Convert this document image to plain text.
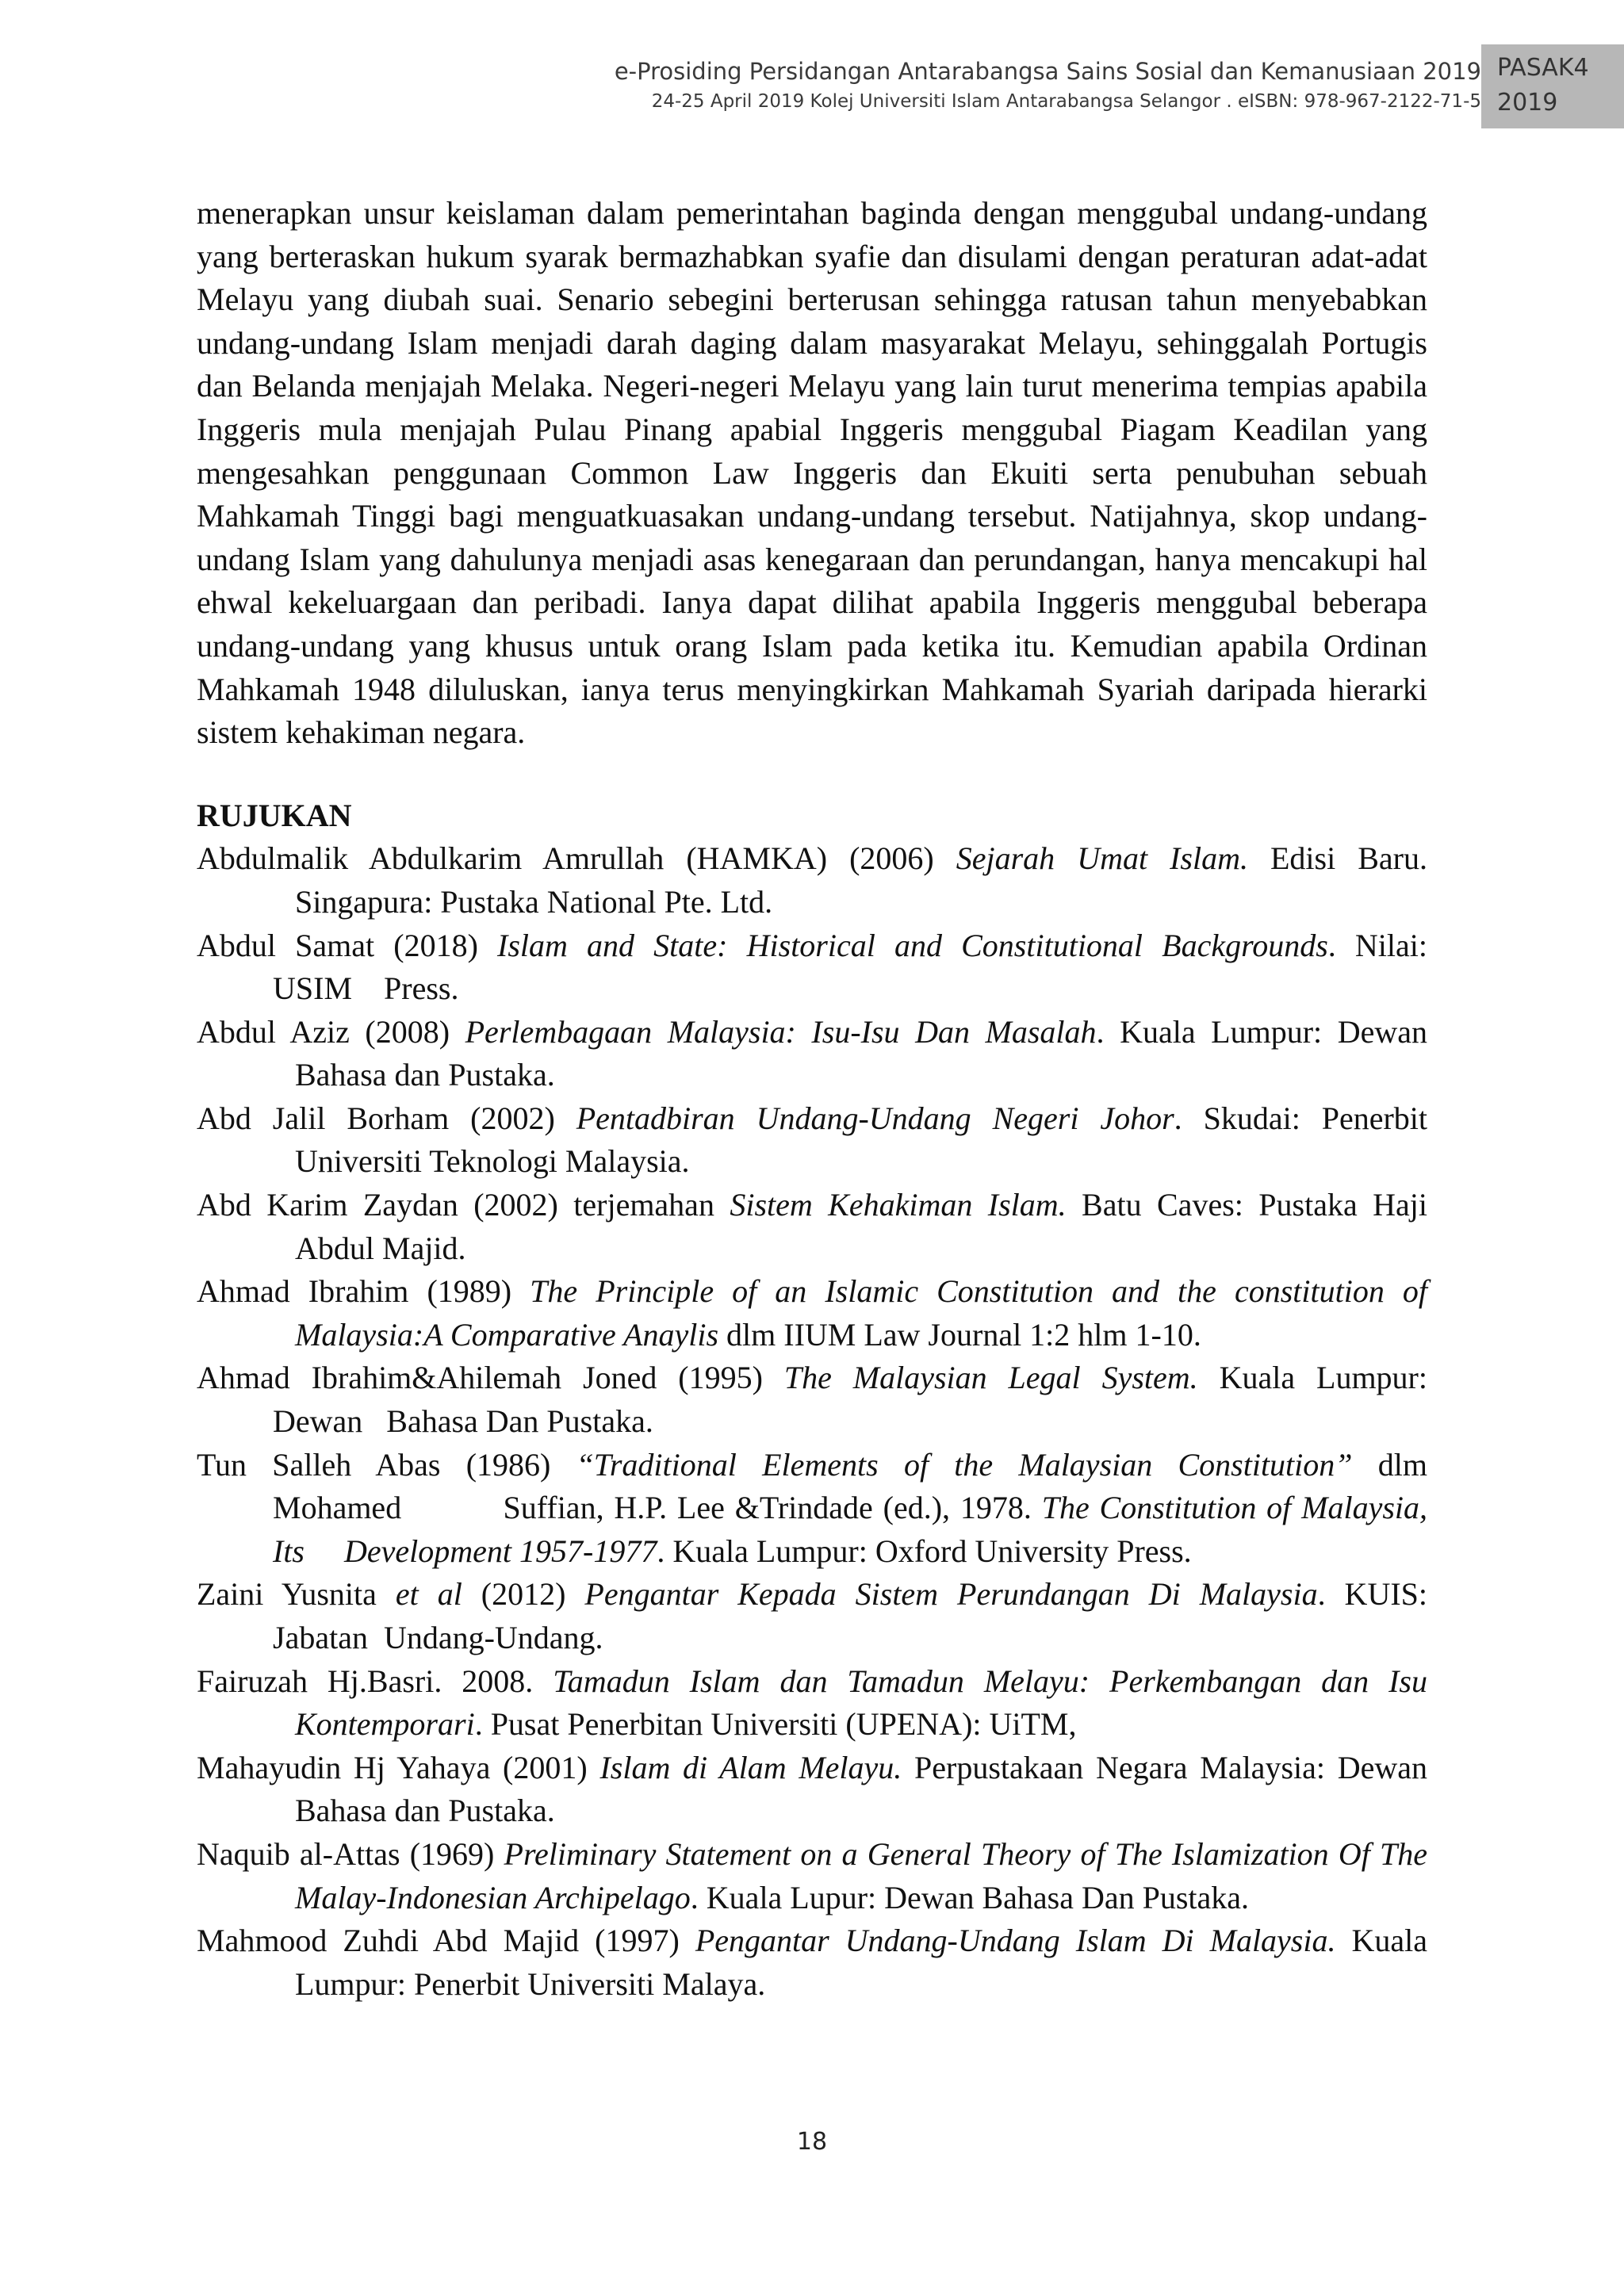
e-Prosiding Persidangan Antarabangsa Sains Sosial dan Kemanusiaan 2019
24-25 April 2019 Kolej Universiti Islam Antarabangsa Selangor . eISBN: 978-967-2122-71-5
PASAK4
2019

menerapkan unsur keislaman dalam pemerintahan baginda dengan menggubal undang-undang yang berteraskan hukum syarak bermazhabkan syafie dan disulami dengan peraturan adat-adat Melayu yang diubah suai. Senario sebegini berterusan sehingga ratusan tahun menyebabkan undang-undang Islam menjadi darah daging dalam masyarakat Melayu, sehinggalah Portugis dan Belanda menjajah Melaka. Negeri-negeri Melayu yang lain turut menerima tempias apabila Inggeris mula menjajah Pulau Pinang apabial Inggeris menggubal Piagam Keadilan yang mengesahkan penggunaan Common Law Inggeris dan Ekuiti serta penubuhan sebuah Mahkamah Tinggi bagi menguatkuasakan undang-undang tersebut. Natijahnya, skop undang-undang Islam yang dahulunya menjadi asas kenegaraan dan perundangan, hanya mencakupi hal ehwal kekeluargaan dan peribadi. Ianya dapat dilihat apabila Inggeris menggubal beberapa undang-undang yang khusus untuk orang Islam pada ketika itu. Kemudian apabila Ordinan Mahkamah 1948 diluluskan, ianya terus menyingkirkan Mahkamah Syariah daripada hierarki sistem kehakiman negara.

RUJUKAN
Abdulmalik Abdulkarim Amrullah (HAMKA) (2006) Sejarah Umat Islam. Edisi Baru. Singapura: Pustaka National Pte. Ltd.
Abdul Samat (2018) Islam and State: Historical and Constitutional Backgrounds. Nilai: USIM    Press.
Abdul Aziz (2008) Perlembagaan Malaysia: Isu-Isu Dan Masalah. Kuala Lumpur: Dewan Bahasa dan Pustaka.
Abd Jalil Borham (2002) Pentadbiran Undang-Undang Negeri Johor. Skudai: Penerbit Universiti Teknologi Malaysia.
Abd Karim Zaydan (2002) terjemahan Sistem Kehakiman Islam. Batu Caves: Pustaka Haji Abdul Majid.
Ahmad Ibrahim (1989) The Principle of an Islamic Constitution and the constitution of Malaysia:A Comparative Anaylis dlm IIUM Law Journal 1:2 hlm 1-10.
Ahmad Ibrahim&Ahilemah Joned (1995) The Malaysian Legal System. Kuala Lumpur: Dewan   Bahasa Dan Pustaka.
Tun Salleh Abas (1986) “Traditional Elements of the Malaysian Constitution” dlm Mohamed          Suffian, H.P. Lee &Trindade (ed.), 1978. The Constitution of Malaysia, Its     Development 1957-1977. Kuala Lumpur: Oxford University Press.
Zaini Yusnita et al (2012) Pengantar Kepada Sistem Perundangan Di Malaysia. KUIS: Jabatan  Undang-Undang.
Fairuzah Hj.Basri. 2008. Tamadun Islam dan Tamadun Melayu: Perkembangan dan Isu Kontemporari. Pusat Penerbitan Universiti (UPENA): UiTM,
Mahayudin Hj Yahaya (2001) Islam di Alam Melayu. Perpustakaan Negara Malaysia: Dewan Bahasa dan Pustaka.
Naquib al-Attas (1969) Preliminary Statement on a General Theory of The Islamization Of The Malay-Indonesian Archipelago. Kuala Lupur: Dewan Bahasa Dan Pustaka.
Mahmood Zuhdi Abd Majid (1997) Pengantar Undang-Undang Islam Di Malaysia. Kuala Lumpur: Penerbit Universiti Malaya.
18
